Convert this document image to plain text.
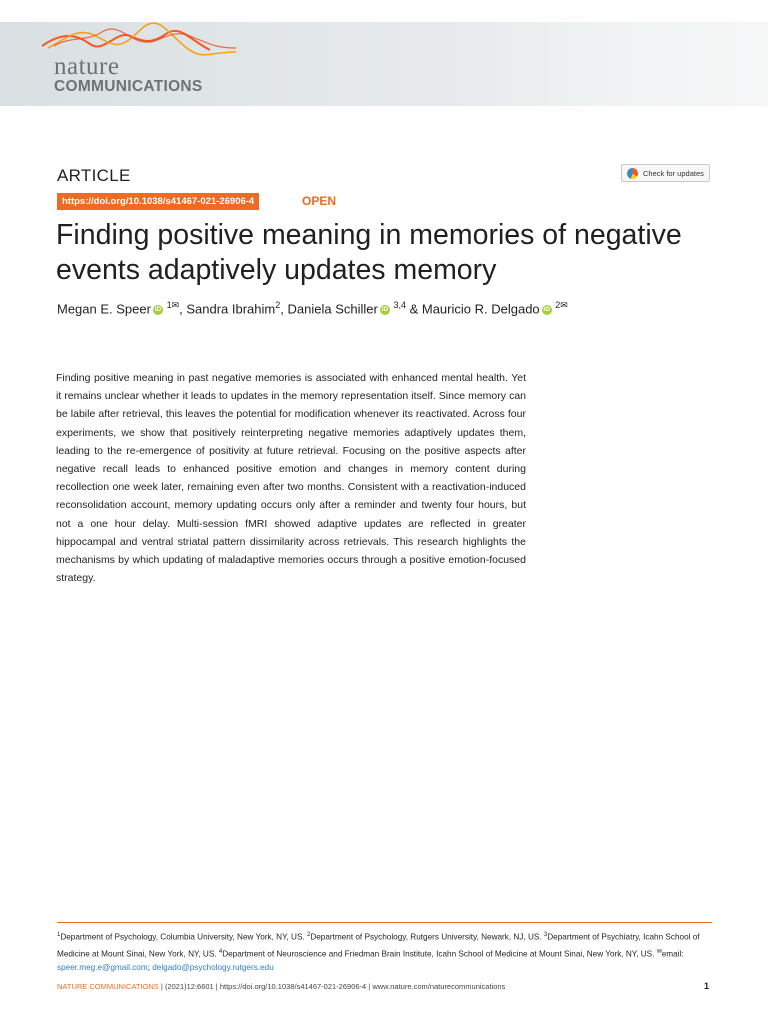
nature
COMMUNICATIONS
ARTICLE	Check for updates
https://doi.org/10.1038/s41467-021-26906-4	OPEN
Finding positive meaning in memories of negative events adaptively updates memory
Megan E. Speer iD $^{1✉}$, Sandra Ibrahim$^2$, Daniela Schiller iD $^{3,4}$ & Mauricio R. Delgado iD $^{2✉}$

Finding positive meaning in past negative memories is associated with enhanced mental health. Yet it remains unclear whether it leads to updates in the memory representation itself. Since memory can be labile after retrieval, this leaves the potential for modification whenever its reactivated. Across four experiments, we show that positively reinterpreting negative memories adaptively updates them, leading to the re-emergence of positivity at future retrieval. Focusing on the positive aspects after negative recall leads to enhanced positive emotion and changes in memory content during recollection one week later, remaining even after two months. Consistent with a reactivation-induced reconsolidation account, memory updating occurs only after a reminder and twenty four hours, but not a one hour delay. Multi-session fMRI showed adaptive updates are reflected in greater hippocampal and ventral striatal pattern dissimilarity across retrievals. This research highlights the mechanisms by which updating of maladaptive memories occurs through a positive emotion-focused strategy.

$^1$Department of Psychology, Columbia University, New York, NY, US. $^2$Department of Psychology, Rutgers University, Newark, NJ, US. $^3$Department of Psychiatry, Icahn School of Medicine at Mount Sinai, New York, NY, US. $^4$Department of Neuroscience and Friedman Brain Institute, Icahn School of Medicine at Mount Sinai, New York, NY, US. ✉email: speer.meg.e@gmail.com; delgado@psychology.rutgers.edu

NATURE COMMUNICATIONS | (2021)12:6601 | https://doi.org/10.1038/s41467-021-26906-4 | www.nature.com/naturecommunications	1
